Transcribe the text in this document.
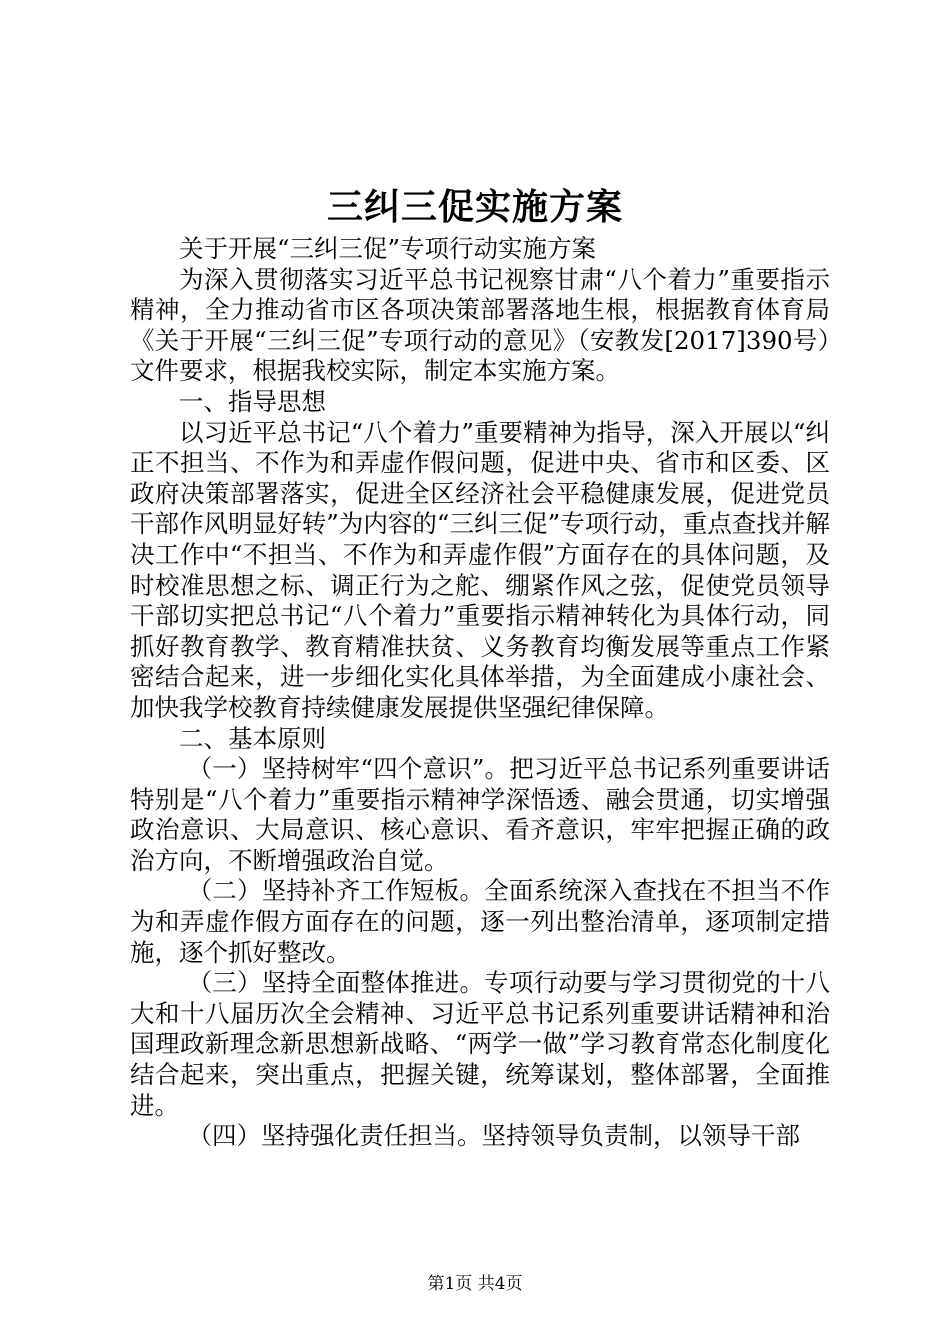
三纠三促实施方案

关于开展“三纠三促”专项行动实施方案

为深入贯彻落实习近平总书记视察甘肃“八个着力”重要指示精神，全力推动省市区各项决策部署落地生根，根据教育体育局《关于开展“三纠三促”专项行动的意见》（安教发[2017]390号）文件要求，根据我校实际，制定本实施方案。

一、指导思想

以习近平总书记“八个着力”重要精神为指导，深入开展以“纠正不担当、不作为和弄虚作假问题，促进中央、省市和区委、区政府决策部署落实，促进全区经济社会平稳健康发展，促进党员干部作风明显好转”为内容的“三纠三促”专项行动，重点查找并解决工作中“不担当、不作为和弄虚作假”方面存在的具体问题，及时校准思想之标、调正行为之舵、绷紧作风之弦，促使党员领导干部切实把总书记“八个着力”重要指示精神转化为具体行动，同抓好教育教学、教育精准扶贫、义务教育均衡发展等重点工作紧密结合起来，进一步细化实化具体举措，为全面建成小康社会、加快我学校教育持续健康发展提供坚强纪律保障。

二、基本原则

（一）坚持树牢“四个意识”。把习近平总书记系列重要讲话特别是“八个着力”重要指示精神学深悟透、融会贯通，切实增强政治意识、大局意识、核心意识、看齐意识，牢牢把握正确的政治方向，不断增强政治自觉。

（二）坚持补齐工作短板。全面系统深入查找在不担当不作为和弄虚作假方面存在的问题，逐一列出整治清单，逐项制定措施，逐个抓好整改。

（三）坚持全面整体推进。专项行动要与学习贯彻党的十八大和十八届历次全会精神、习近平总书记系列重要讲话精神和治国理政新理念新思想新战略、“两学一做”学习教育常态化制度化结合起来，突出重点，把握关键，统筹谋划，整体部署，全面推进。

（四）坚持强化责任担当。坚持领导负责制，以领导干部

第1页 共4页
